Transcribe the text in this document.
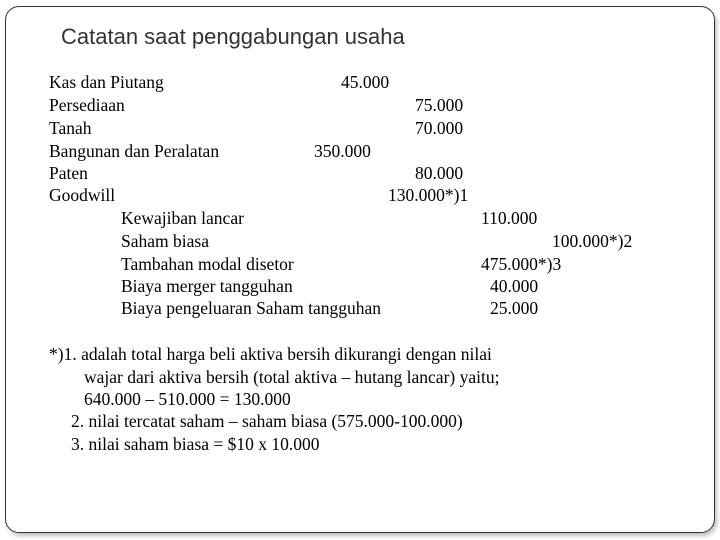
Catatan saat penggabungan usaha
Kas dan Piutang	45.000
Persediaan	75.000
Tanah	70.000
Bangunan dan Peralatan	350.000
Paten	80.000
Goodwill	130.000*)1
Kewajiban lancar	110.000
Saham biasa	100.000*)2
Tambahan modal disetor	475.000*)3
Biaya merger tangguhan	40.000
Biaya pengeluaran Saham tangguhan	25.000
*)1. adalah total harga beli aktiva bersih dikurangi dengan nilai
wajar dari aktiva bersih (total aktiva – hutang lancar) yaitu;
640.000 – 510.000 = 130.000
2. nilai tercatat saham – saham biasa (575.000-100.000)
3. nilai saham biasa = $10 x 10.000
